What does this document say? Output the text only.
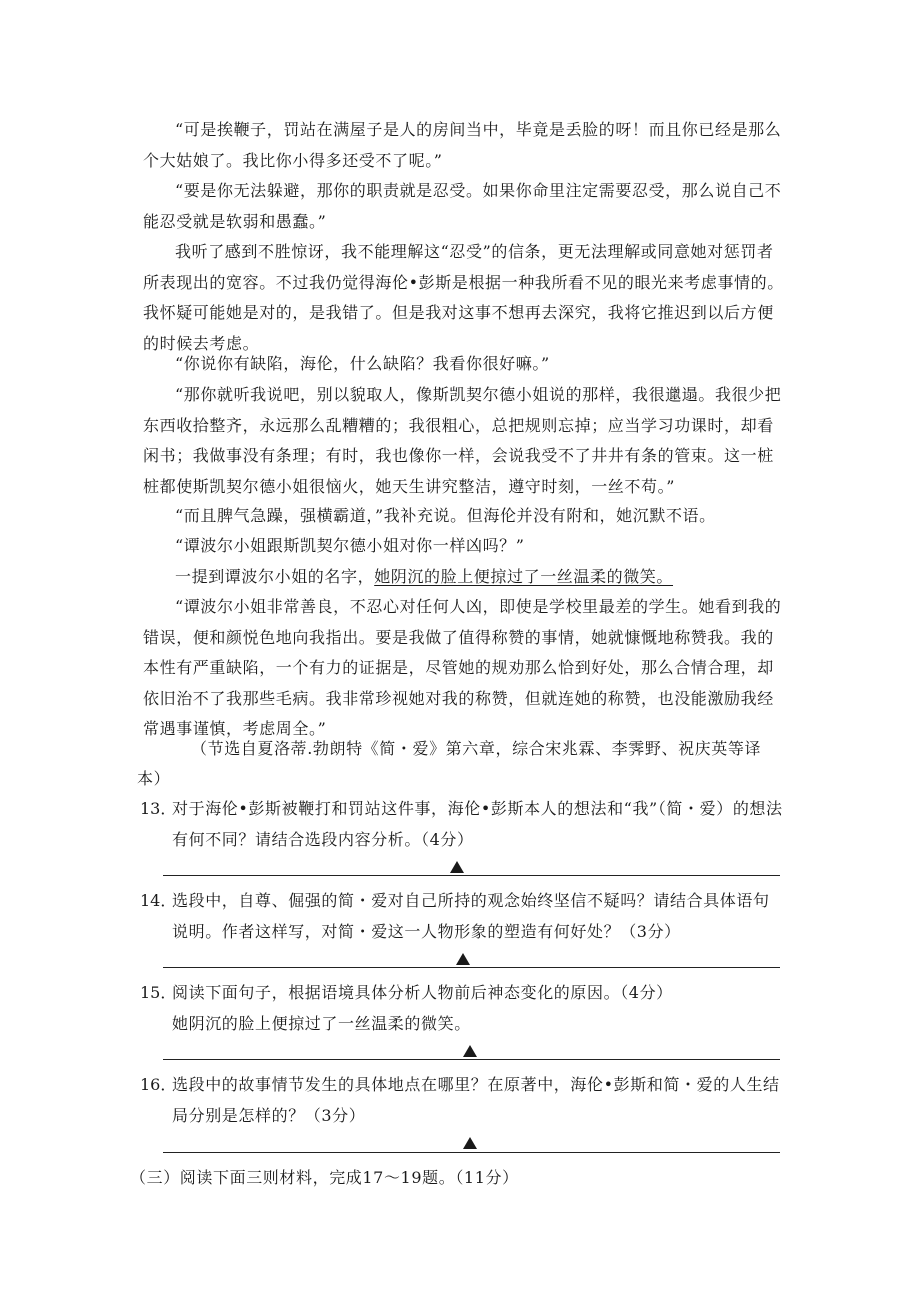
“可是挨鞭子，罚站在满屋子是人的房间当中，毕竟是丢脸的呀！而且你已经是那么个大姑娘了。我比你小得多还受不了呢。”

“要是你无法躲避，那你的职责就是忍受。如果你命里注定需要忍受，那么说自己不能忍受就是软弱和愚蠢。”

我听了感到不胜惊讶，我不能理解这“忍受”的信条，更无法理解或同意她对惩罚者所表现出的宽容。不过我仍觉得海伦•彭斯是根据一种我所看不见的眼光来考虑事情的。我怀疑可能她是对的，是我错了。但是我对这事不想再去深究，我将它推迟到以后方便的时候去考虑。

“你说你有缺陷，海伦，什么缺陷？我看你很好嘛。”

“那你就听我说吧，别以貌取人，像斯凯契尔德小姐说的那样，我很邋遢。我很少把东西收拾整齐，永远那么乱糟糟的；我很粗心，总把规则忘掉；应当学习功课时，却看闲书；我做事没有条理；有时，我也像你一样，会说我受不了井井有条的管束。这一桩桩都使斯凯契尔德小姐很恼火，她天生讲究整洁，遵守时刻，一丝不苟。”

“而且脾气急躁，强横霸道，”我补充说。但海伦并没有附和，她沉默不语。

“谭波尔小姐跟斯凯契尔德小姐对你一样凶吗？”

一提到谭波尔小姐的名字，她阴沉的脸上便掠过了一丝温柔的微笑。

“谭波尔小姐非常善良，不忍心对任何人凶，即使是学校里最差的学生。她看到我的错误，便和颜悦色地向我指出。要是我做了值得称赞的事情，她就慷慨地称赞我。我的本性有严重缺陷，一个有力的证据是，尽管她的规劝那么恰到好处，那么合情合理，却依旧治不了我那些毛病。我非常珍视她对我的称赞，但就连她的称赞，也没能激励我经常遇事谨慎，考虑周全。”

（节选自夏洛蒂.勃朗特《简・爱》第六章，综合宋兆霖、李霁野、祝庆英等译

本）

13．
对于海伦•彭斯被鞭打和罚站这件事，海伦•彭斯本人的想法和“我”（简・爱）的想法有何不同？请结合选段内容分析。（4分）
14．
选段中，自尊、倔强的简・爱对自己所持的观念始终坚信不疑吗？请结合具体语句说明。作者这样写，对简・爱这一人物形象的塑造有何好处？（3分）
15．
阅读下面句子，根据语境具体分析人物前后神态变化的原因。（4分）
她阴沉的脸上便掠过了一丝温柔的微笑。
16．
选段中的故事情节发生的具体地点在哪里？在原著中，海伦•彭斯和简・爱的人生结局分别是怎样的？（3分）

（三）阅读下面三则材料，完成17～19题。（11分）
